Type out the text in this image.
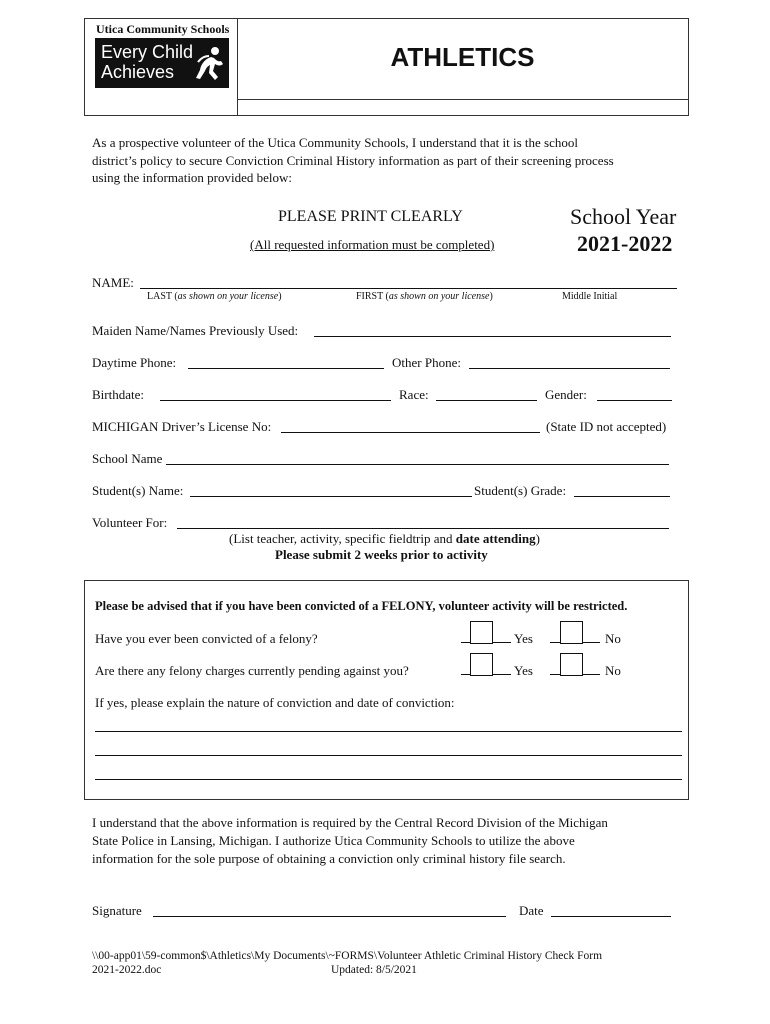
Utica Community Schools
Every Child
Achieves	ATHLETICS
As a prospective volunteer of the Utica Community Schools, I understand that it is the school
district’s policy to secure Conviction Criminal History information as part of their screening process
using the information provided below:
PLEASE PRINT CLEARLY
(All requested information must be completed)
School Year
2021-2022
NAME:
LAST (as shown on your license)	FIRST (as shown on your license)	Middle Initial
Maiden Name/Names Previously Used:
Daytime Phone:	Other Phone:
Birthdate:	Race:	Gender:
MICHIGAN Driver’s License No:	(State ID not accepted)
School Name
Student(s) Name:	Student(s) Grade:
Volunteer For:
(List teacher, activity, specific fieldtrip and date attending)
Please submit 2 weeks prior to activity
Please be advised that if you have been convicted of a FELONY, volunteer activity will be restricted.
Have you ever been convicted of a felony?	Yes	No
Are there any felony charges currently pending against you?	Yes	No
If yes, please explain the nature of conviction and date of conviction:
I understand that the above information is required by the Central Record Division of the Michigan
State Police in Lansing, Michigan. I authorize Utica Community Schools to utilize the above
information for the sole purpose of obtaining a conviction only criminal history file search.
Signature	Date
\\00-app01\59-common$\Athletics\My Documents\~FORMS\Volunteer Athletic Criminal History Check Form
2021-2022.doc	Updated: 8/5/2021
